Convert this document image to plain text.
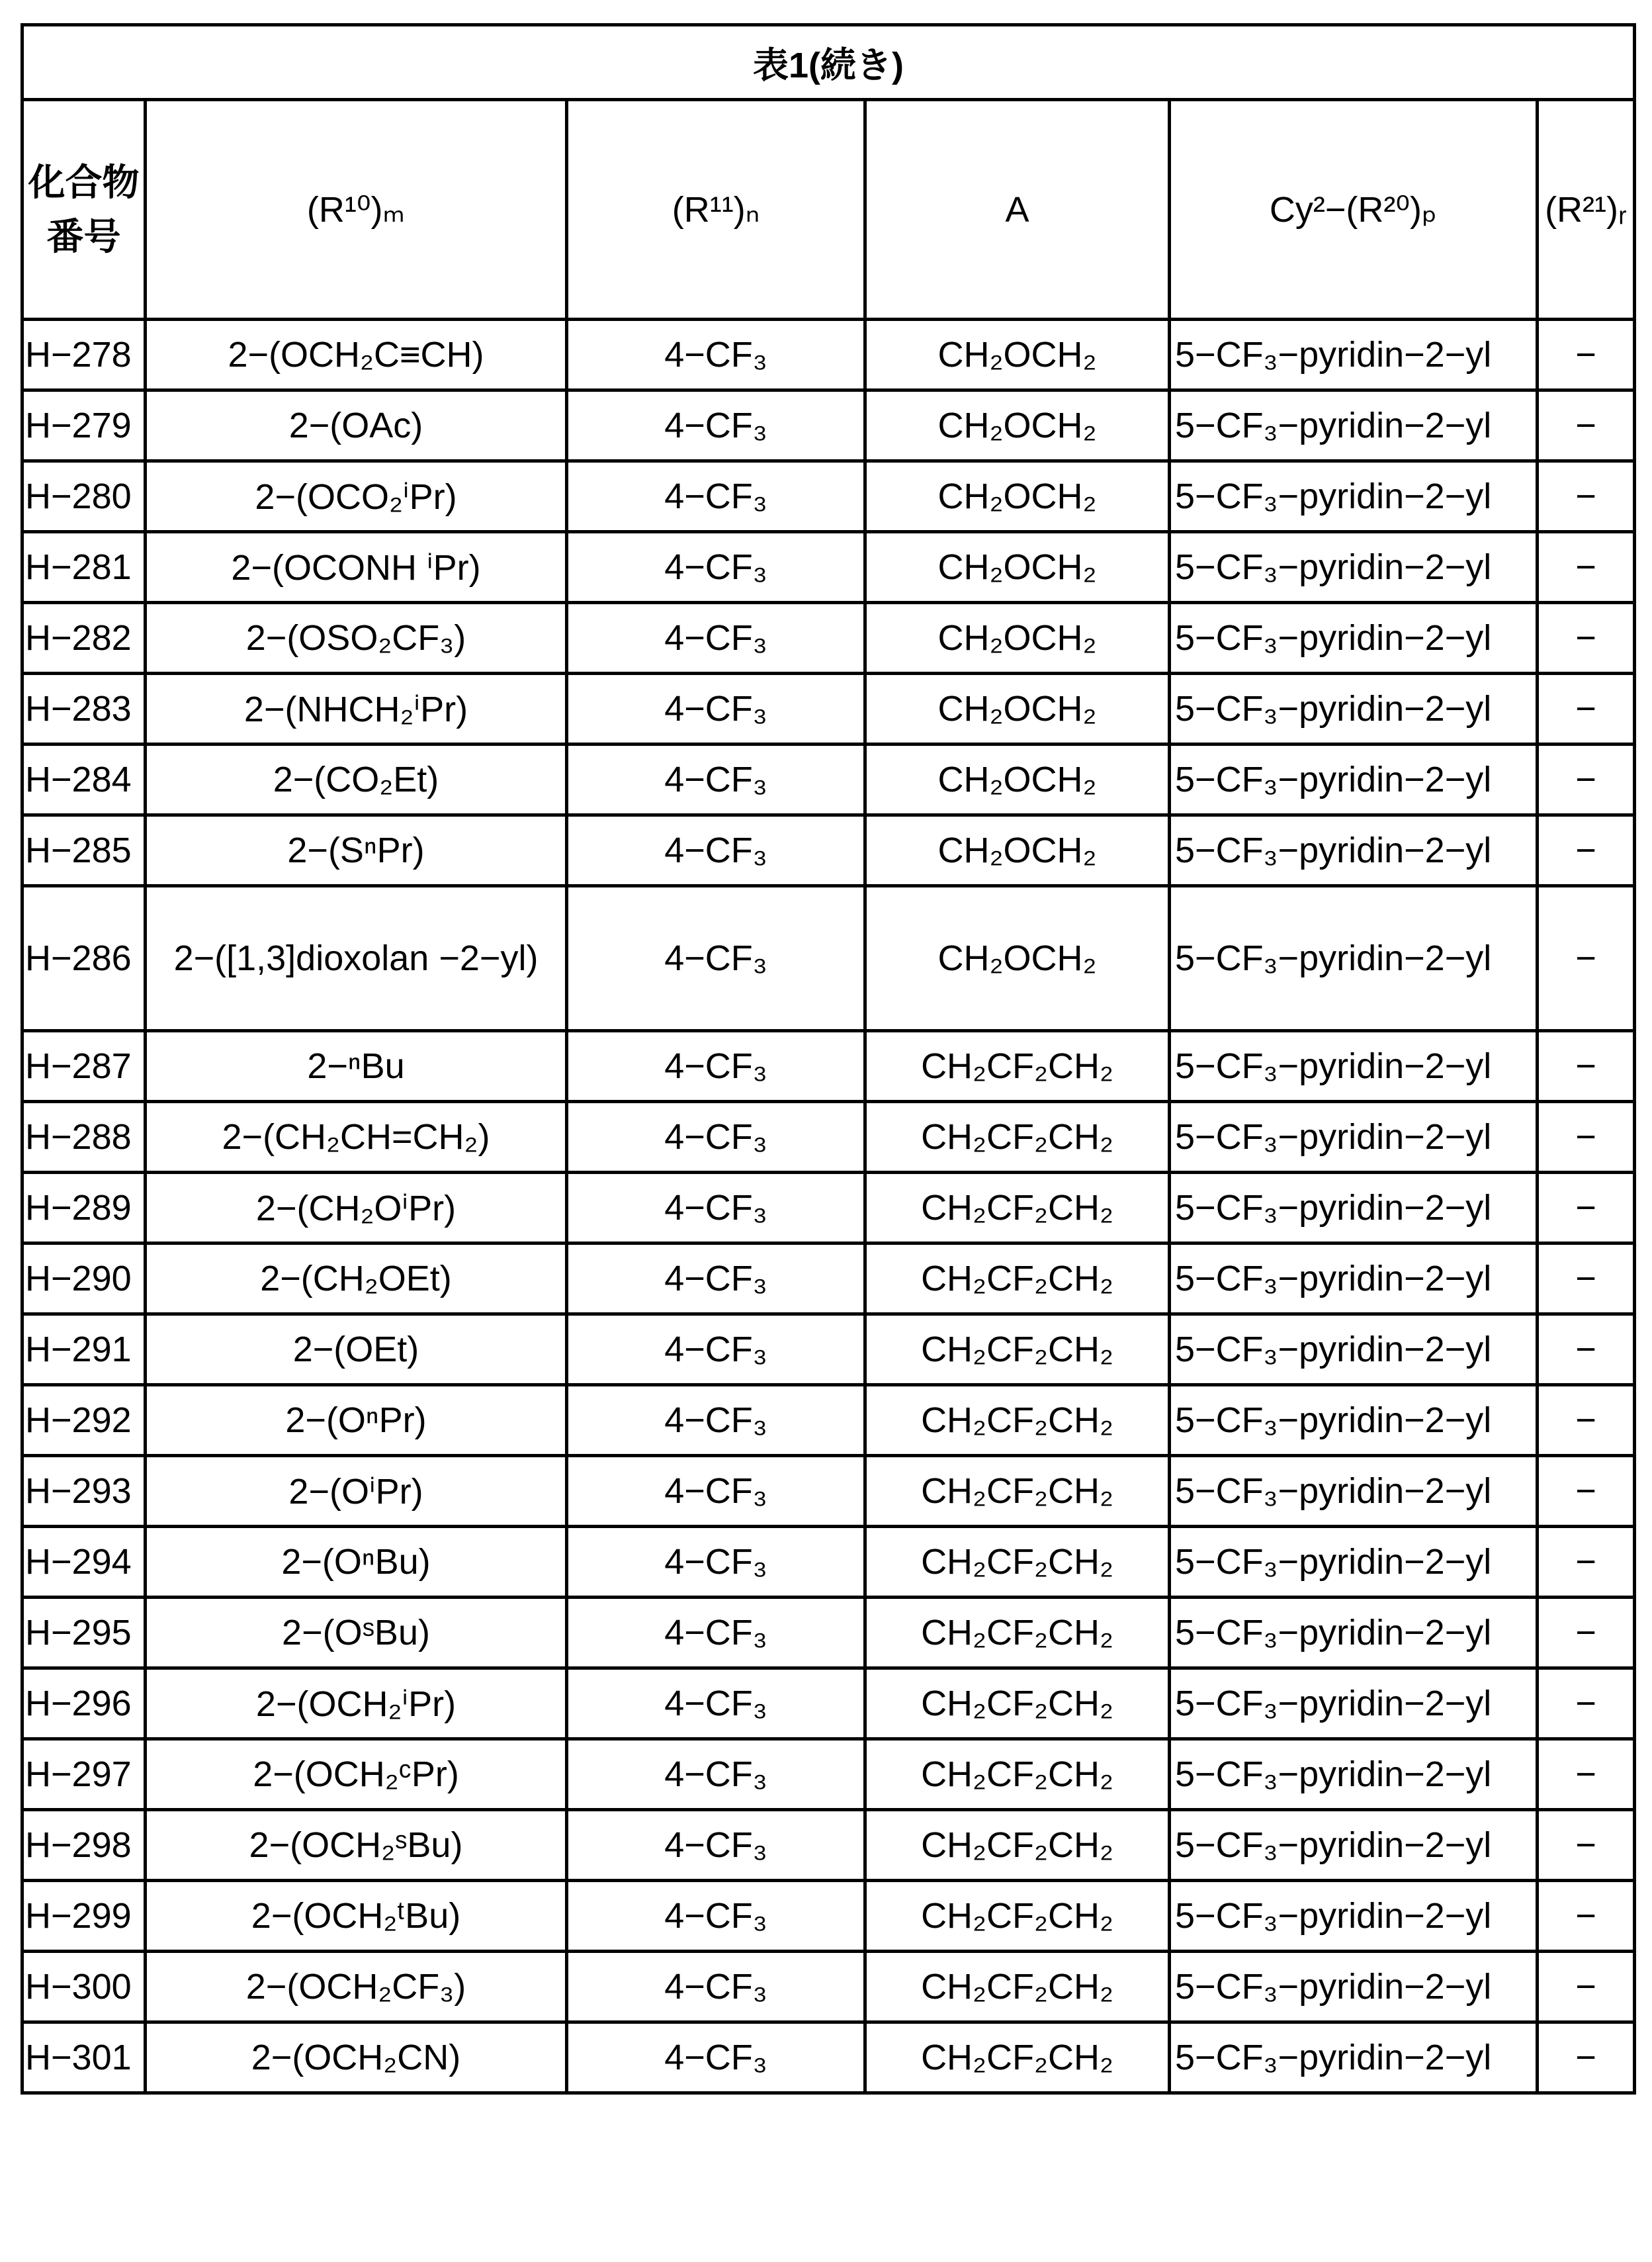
表1(続き)
化合物番号	(R¹⁰)ₘ	(R¹¹)ₙ	A	Cy²−(R²⁰)ₚ	(R²¹)ᵣ
H−278	2−(OCH₂C≡CH)	4−CF₃	CH₂OCH₂	5−CF₃−pyridin−2−yl	−
H−279	2−(OAc)	4−CF₃	CH₂OCH₂	5−CF₃−pyridin−2−yl	−
H−280	2−(OCO₂ⁱPr)	4−CF₃	CH₂OCH₂	5−CF₃−pyridin−2−yl	−
H−281	2−(OCONH ⁱPr)	4−CF₃	CH₂OCH₂	5−CF₃−pyridin−2−yl	−
H−282	2−(OSO₂CF₃)	4−CF₃	CH₂OCH₂	5−CF₃−pyridin−2−yl	−
H−283	2−(NHCH₂ⁱPr)	4−CF₃	CH₂OCH₂	5−CF₃−pyridin−2−yl	−
H−284	2−(CO₂Et)	4−CF₃	CH₂OCH₂	5−CF₃−pyridin−2−yl	−
H−285	2−(SⁿPr)	4−CF₃	CH₂OCH₂	5−CF₃−pyridin−2−yl	−
H−286	2−([1,3]dioxolan −2−yl)	4−CF₃	CH₂OCH₂	5−CF₃−pyridin−2−yl	−
H−287	2−ⁿBu	4−CF₃	CH₂CF₂CH₂	5−CF₃−pyridin−2−yl	−
H−288	2−(CH₂CH=CH₂)	4−CF₃	CH₂CF₂CH₂	5−CF₃−pyridin−2−yl	−
H−289	2−(CH₂OⁱPr)	4−CF₃	CH₂CF₂CH₂	5−CF₃−pyridin−2−yl	−
H−290	2−(CH₂OEt)	4−CF₃	CH₂CF₂CH₂	5−CF₃−pyridin−2−yl	−
H−291	2−(OEt)	4−CF₃	CH₂CF₂CH₂	5−CF₃−pyridin−2−yl	−
H−292	2−(OⁿPr)	4−CF₃	CH₂CF₂CH₂	5−CF₃−pyridin−2−yl	−
H−293	2−(OⁱPr)	4−CF₃	CH₂CF₂CH₂	5−CF₃−pyridin−2−yl	−
H−294	2−(OⁿBu)	4−CF₃	CH₂CF₂CH₂	5−CF₃−pyridin−2−yl	−
H−295	2−(OˢBu)	4−CF₃	CH₂CF₂CH₂	5−CF₃−pyridin−2−yl	−
H−296	2−(OCH₂ⁱPr)	4−CF₃	CH₂CF₂CH₂	5−CF₃−pyridin−2−yl	−
H−297	2−(OCH₂ᶜPr)	4−CF₃	CH₂CF₂CH₂	5−CF₃−pyridin−2−yl	−
H−298	2−(OCH₂ˢBu)	4−CF₃	CH₂CF₂CH₂	5−CF₃−pyridin−2−yl	−
H−299	2−(OCH₂ᵗBu)	4−CF₃	CH₂CF₂CH₂	5−CF₃−pyridin−2−yl	−
H−300	2−(OCH₂CF₃)	4−CF₃	CH₂CF₂CH₂	5−CF₃−pyridin−2−yl	−
H−301	2−(OCH₂CN)	4−CF₃	CH₂CF₂CH₂	5−CF₃−pyridin−2−yl	−
